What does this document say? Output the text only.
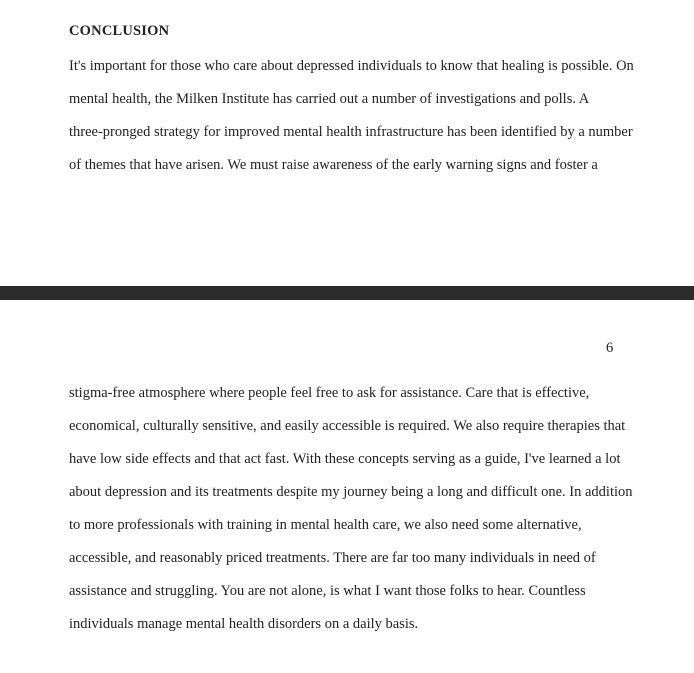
CONCLUSION

It's important for those who care about depressed individuals to know that healing is possible. On

mental health, the Milken Institute has carried out a number of investigations and polls. A

three-pronged strategy for improved mental health infrastructure has been identified by a number

of themes that have arisen. We must raise awareness of the early warning signs and foster a

6

stigma-free atmosphere where people feel free to ask for assistance. Care that is effective,

economical, culturally sensitive, and easily accessible is required. We also require therapies that

have low side effects and that act fast. With these concepts serving as a guide, I've learned a lot

about depression and its treatments despite my journey being a long and difficult one. In addition

to more professionals with training in mental health care, we also need some alternative,

accessible, and reasonably priced treatments. There are far too many individuals in need of

assistance and struggling. You are not alone, is what I want those folks to hear. Countless

individuals manage mental health disorders on a daily basis.
